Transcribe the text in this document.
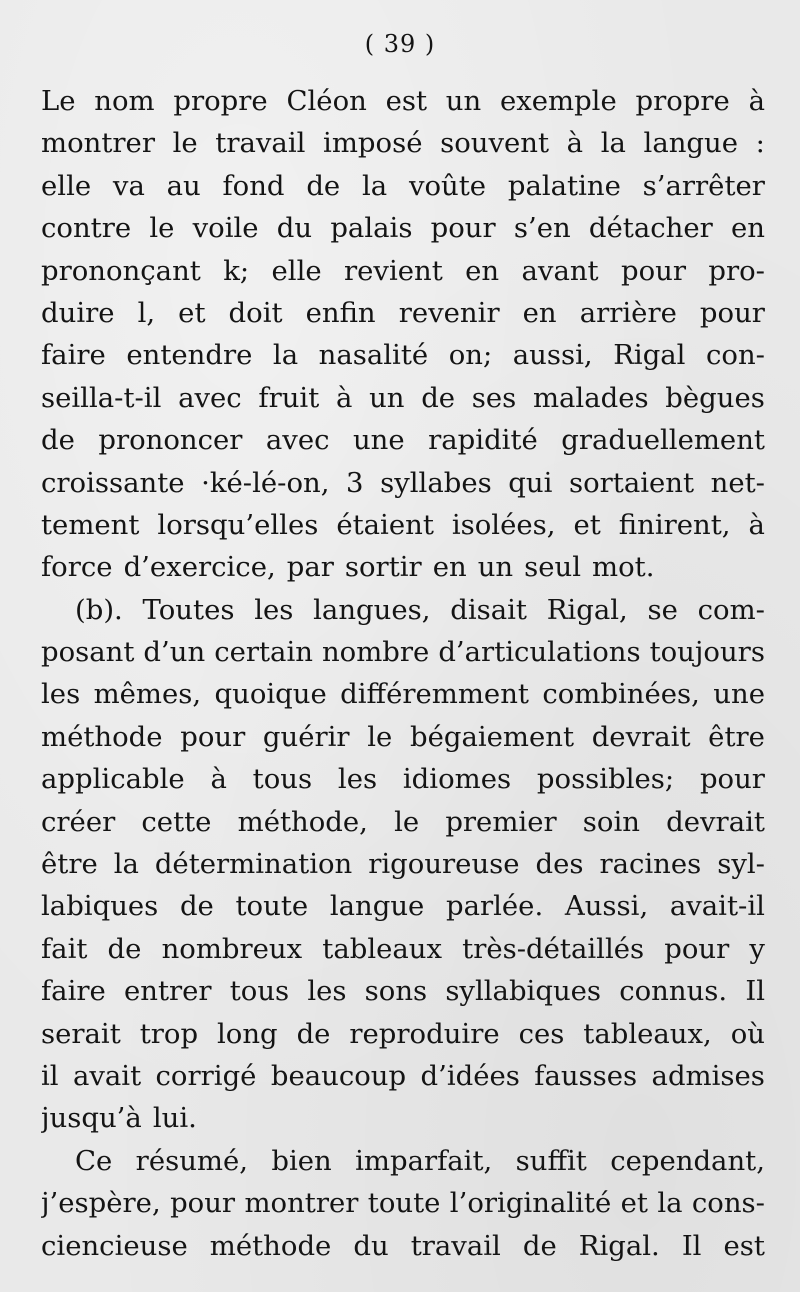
( 39 )
Le nom propre Cléon est un exemple propre à
montrer le travail imposé souvent à la langue :
elle va au fond de la voûte palatine s’arrêter
contre le voile du palais pour s’en détacher en
prononçant k; elle revient en avant pour pro-
duire l, et doit enfin revenir en arrière pour
faire entendre la nasalité on; aussi, Rigal con-
seilla-t-il avec fruit à un de ses malades bègues
de prononcer avec une rapidité graduellement
croissante ·ké-lé-on, 3 syllabes qui sortaient net-
tement lorsqu’elles étaient isolées, et finirent, à
force d’exercice, par sortir en un seul mot.
(b). Toutes les langues, disait Rigal, se com-
posant d’un certain nombre d’articulations toujours
les mêmes, quoique différemment combinées, une
méthode pour guérir le bégaiement devrait être
applicable à tous les idiomes possibles; pour
créer cette méthode, le premier soin devrait
être la détermination rigoureuse des racines syl-
labiques de toute langue parlée. Aussi, avait-il
fait de nombreux tableaux très-détaillés pour y
faire entrer tous les sons syllabiques connus. Il
serait trop long de reproduire ces tableaux, où
il avait corrigé beaucoup d’idées fausses admises
jusqu’à lui.
Ce résumé, bien imparfait, suffit cependant,
j’espère, pour montrer toute l’originalité et la cons-
ciencieuse méthode du travail de Rigal. Il est
